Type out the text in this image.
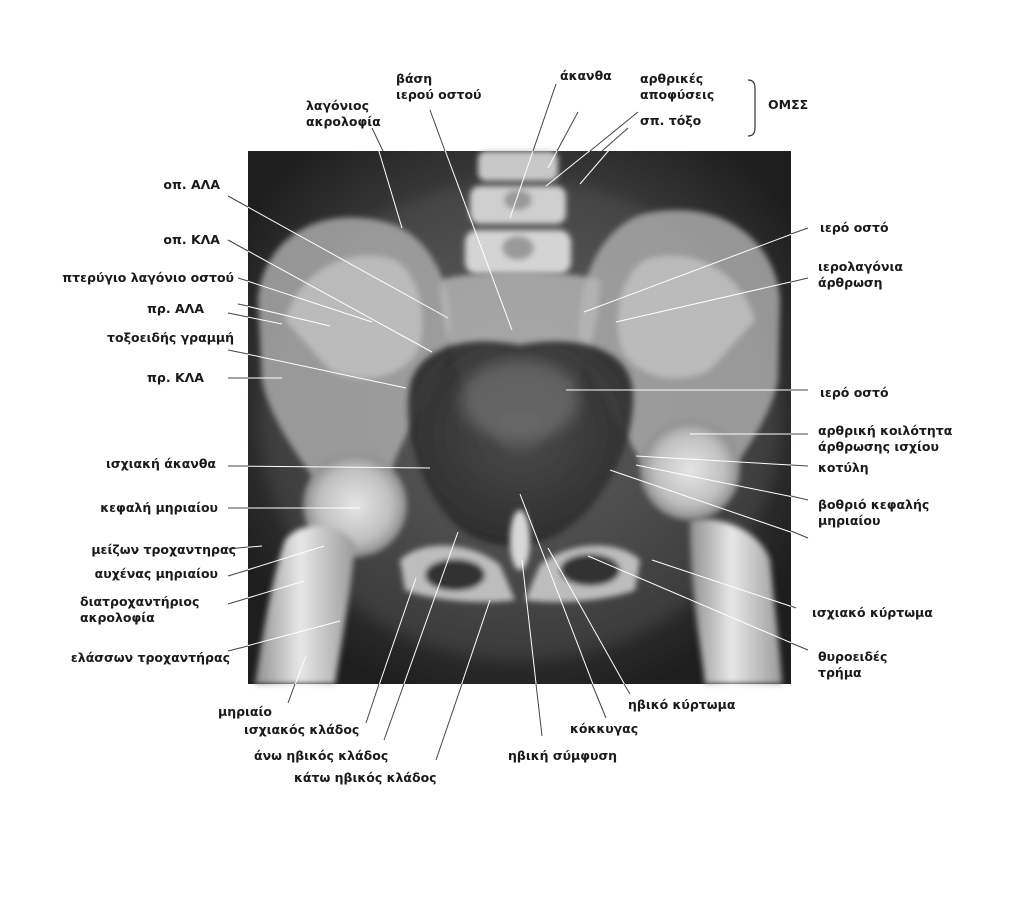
λαγόνιος
ακρολοφία
βάση
ιερού οστού
άκανθα αρθρικές
αποφύσεις
σπ. τόξο
ΟΜΣΣ
οπ. ΑΛΑ
οπ. ΚΛΑ
πτερύγιο λαγόνιο οστού
πρ. ΑΛΑ
τοξοειδής γραμμή
πρ. ΚΛΑ
ισχιακή άκανθα
κεφαλή μηριαίου
μείζων τροχαντηρας
αυχένας μηριαίου
διατροχαντήριος
ακρολοφία
ελάσσων τροχαντήρας
μηριαίο
ισχιακός κλάδος
άνω ηβικός κλάδος
κάτω ηβικός κλάδος
ηβική σύμφυση
κόκκυγας
ηβικό κύρτωμα
ιερό οστό
ιερολαγόνια
άρθρωση
ιερό οστό
αρθρική κοιλότητα
άρθρωσης ισχίου
κοτύλη
βοθριό κεφαλής
μηριαίου
ισχιακό κύρτωμα
θυροειδές
τρήμα
